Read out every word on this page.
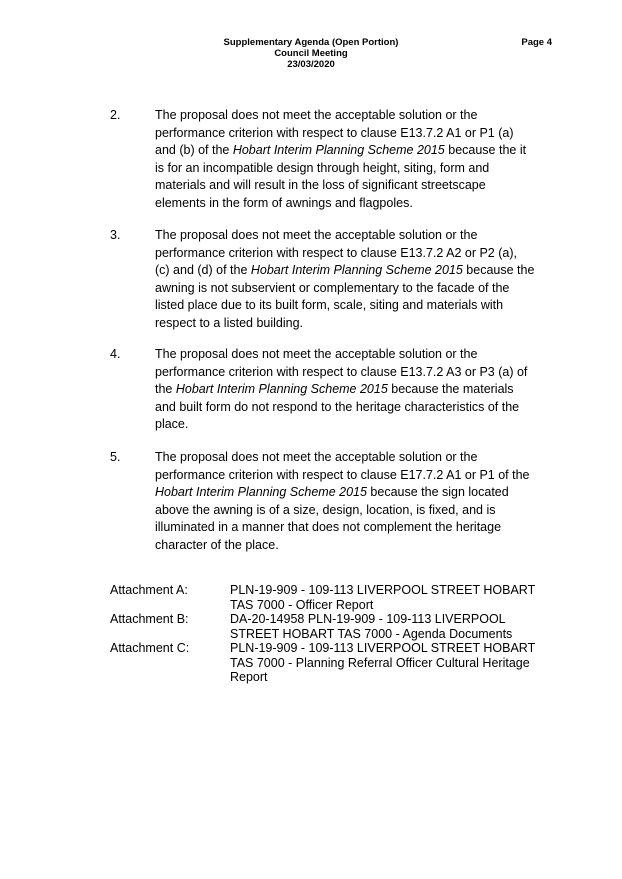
Supplementary Agenda (Open Portion)
Council Meeting
23/03/2020
Page 4
2.	The proposal does not meet the acceptable solution or the performance criterion with respect to clause E13.7.2 A1 or P1 (a) and (b) of the Hobart Interim Planning Scheme 2015 because the it is for an incompatible design through height, siting, form and materials and will result in the loss of significant streetscape elements in the form of awnings and flagpoles.
3.	The proposal does not meet the acceptable solution or the performance criterion with respect to clause E13.7.2 A2 or P2 (a), (c) and (d) of the Hobart Interim Planning Scheme 2015 because the awning is not subservient or complementary to the facade of the listed place due to its built form, scale, siting and materials with respect to a listed building.
4.	The proposal does not meet the acceptable solution or the performance criterion with respect to clause E13.7.2 A3 or P3 (a) of the Hobart Interim Planning Scheme 2015 because the materials and built form do not respond to the heritage characteristics of the place.
5.	The proposal does not meet the acceptable solution or the performance criterion with respect to clause E17.7.2 A1 or P1 of the Hobart Interim Planning Scheme 2015 because the sign located above the awning is of a size, design, location, is fixed, and is illuminated in a manner that does not complement the heritage character of the place.
Attachment A:	PLN-19-909 - 109-113 LIVERPOOL STREET HOBART TAS 7000 - Officer Report
Attachment B:	DA-20-14958 PLN-19-909 - 109-113 LIVERPOOL STREET HOBART TAS 7000 - Agenda Documents
Attachment C:	PLN-19-909 - 109-113 LIVERPOOL STREET HOBART TAS 7000 - Planning Referral Officer Cultural Heritage Report
